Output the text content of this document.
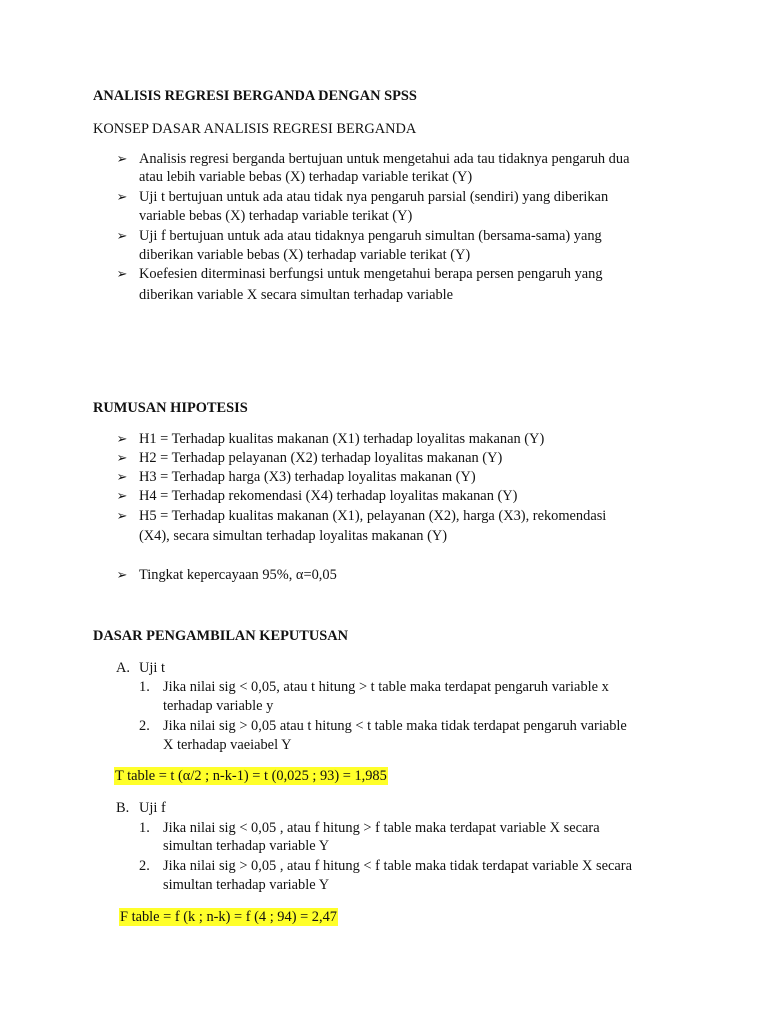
ANALISIS REGRESI BERGANDA DENGAN SPSS
KONSEP DASAR ANALISIS REGRESI BERGANDA
➢ Analisis regresi berganda bertujuan untuk mengetahui ada tau tidaknya pengaruh dua
atau lebih variable bebas (X) terhadap variable terikat (Y)
➢ Uji t bertujuan untuk ada atau tidak nya pengaruh parsial (sendiri) yang diberikan
variable bebas (X) terhadap variable terikat (Y)
➢ Uji f bertujuan untuk ada atau tidaknya pengaruh simultan (bersama-sama) yang
diberikan variable bebas (X) terhadap variable terikat (Y)
➢ Koefesien diterminasi berfungsi untuk mengetahui berapa persen pengaruh yang
diberikan variable X secara simultan terhadap variable
RUMUSAN HIPOTESIS
➢ H1 = Terhadap kualitas makanan (X1) terhadap loyalitas makanan (Y)
➢ H2 = Terhadap pelayanan (X2) terhadap loyalitas makanan (Y)
➢ H3 = Terhadap harga (X3) terhadap loyalitas makanan (Y)
➢ H4 = Terhadap rekomendasi (X4) terhadap loyalitas makanan (Y)
➢ H5 = Terhadap kualitas makanan (X1), pelayanan (X2), harga (X3), rekomendasi
(X4), secara simultan terhadap loyalitas makanan (Y)
➢ Tingkat kepercayaan 95%, α=0,05
DASAR PENGAMBILAN KEPUTUSAN
A. Uji t
1. Jika nilai sig < 0,05, atau t hitung > t table maka terdapat pengaruh variable x
terhadap variable y
2. Jika nilai sig > 0,05 atau t hitung < t table maka tidak terdapat pengaruh variable
X terhadap vaeiabel Y
T table = t (α/2 ; n-k-1) = t (0,025 ; 93) = 1,985
B. Uji f
1. Jika nilai sig < 0,05 , atau f hitung > f table maka terdapat variable X secara
simultan terhadap variable Y
2. Jika nilai sig > 0,05 , atau f hitung < f table maka tidak terdapat variable X secara
simultan terhadap variable Y
F table = f (k ; n-k) = f (4 ; 94) = 2,47
